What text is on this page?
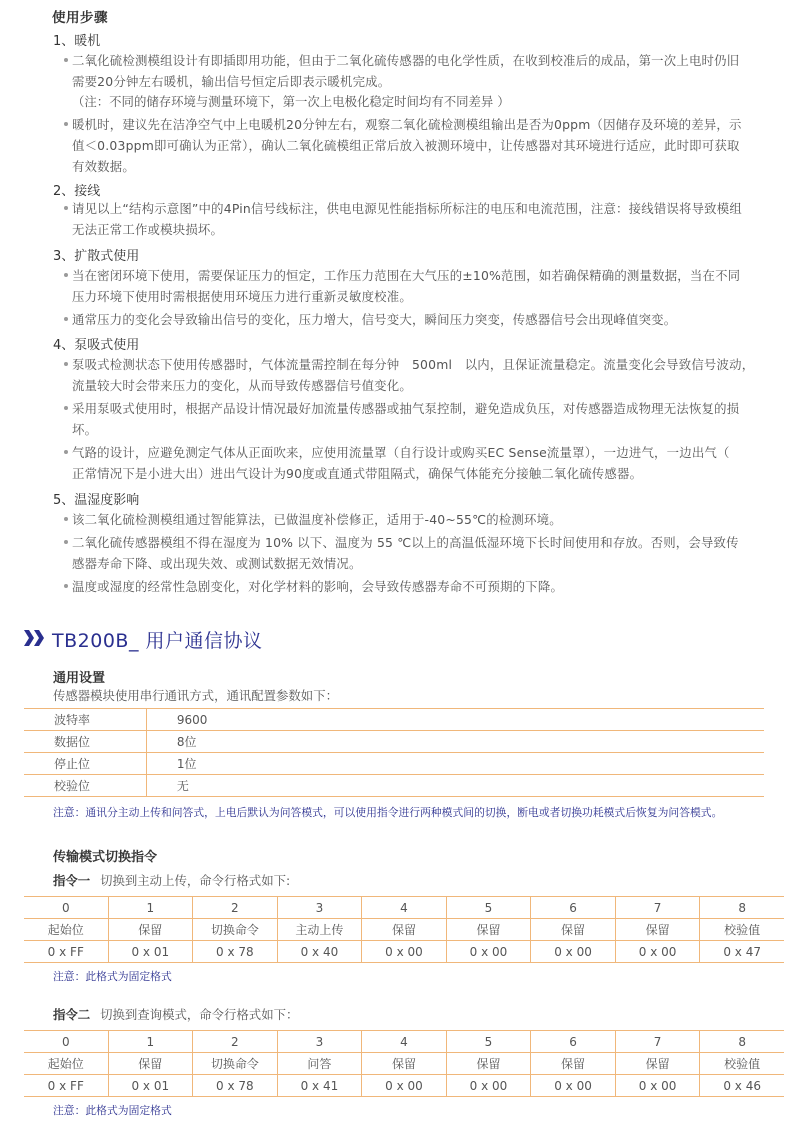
使用步骤
1、暖机
二氧化硫检测模组设计有即插即用功能，但由于二氧化硫传感器的电化学性质，在收到校准后的成品，第一次上电时仍旧
需要20分钟左右暖机，输出信号恒定后即表示暖机完成。
（注：不同的储存环境与测量环境下，第一次上电极化稳定时间均有不同差异 ）
暖机时，建议先在洁净空气中上电暖机20分钟左右，观察二氧化硫检测模组输出是否为0ppm（因储存及环境的差异，示
值＜0.03ppm即可确认为正常），确认二氧化硫模组正常后放入被测环境中，让传感器对其环境进行适应，此时即可获取
有效数据。
2、接线
请见以上“结构示意图”中的4Pin信号线标注，供电电源见性能指标所标注的电压和电流范围，注意：接线错误将导致模组
无法正常工作或模块损坏。
3、扩散式使用
当在密闭环境下使用，需要保证压力的恒定，工作压力范围在大气压的±10%范围，如若确保精确的测量数据，当在不同
压力环境下使用时需根据使用环境压力进行重新灵敏度校准。
通常压力的变化会导致输出信号的变化，压力增大，信号变大，瞬间压力突变，传感器信号会出现峰值突变。
4、泵吸式使用
泵吸式检测状态下使用传感器时，气体流量需控制在每分钟　500ml　以内，且保证流量稳定。流量变化会导致信号波动，
流量较大时会带来压力的变化，从而导致传感器信号值变化。
采用泵吸式使用时，根据产品设计情况最好加流量传感器或抽气泵控制，避免造成负压，对传感器造成物理无法恢复的损
坏。
气路的设计，应避免测定气体从正面吹来，应使用流量罩（自行设计或购买EC Sense流量罩），一边进气，一边出气（
正常情况下是小进大出）进出气设计为90度或直通式带阻隔式，确保气体能充分接触二氧化硫传感器。
5、温湿度影响
该二氧化硫检测模组通过智能算法，已做温度补偿修正，适用于-40~55℃的检测环境。
二氧化硫传感器模组不得在湿度为 10% 以下、温度为 55 ℃以上的高温低湿环境下长时间使用和存放。否则，会导致传
感器寿命下降、或出现失效、或测试数据无效情况。
温度或湿度的经常性急剧变化，对化学材料的影响，会导致传感器寿命不可预期的下降。
TB200B_ 用户通信协议
通用设置
传感器模块使用串行通讯方式，通讯配置参数如下：
波特率	9600
数据位	8位
停止位	1位
校验位	无
注意：通讯分主动上传和问答式，上电后默认为问答模式，可以使用指令进行两种模式间的切换，断电或者切换功耗模式后恢复为问答模式。
传输模式切换指令
指令一 切换到主动上传，命令行格式如下:
0	1	2	3	4	5	6	7	8
起始位	保留	切换命令	主动上传	保留	保留	保留	保留	校验值
0 x FF	0 x 01	0 x 78	0 x 40	0 x 00	0 x 00	0 x 00	0 x 00	0 x 47
注意：此格式为固定格式
指令二 切换到查询模式，命令行格式如下：
0	1	2	3	4	5	6	7	8
起始位	保留	切换命令	问答	保留	保留	保留	保留	校验值
0 x FF	0 x 01	0 x 78	0 x 41	0 x 00	0 x 00	0 x 00	0 x 00	0 x 46
注意：此格式为固定格式
